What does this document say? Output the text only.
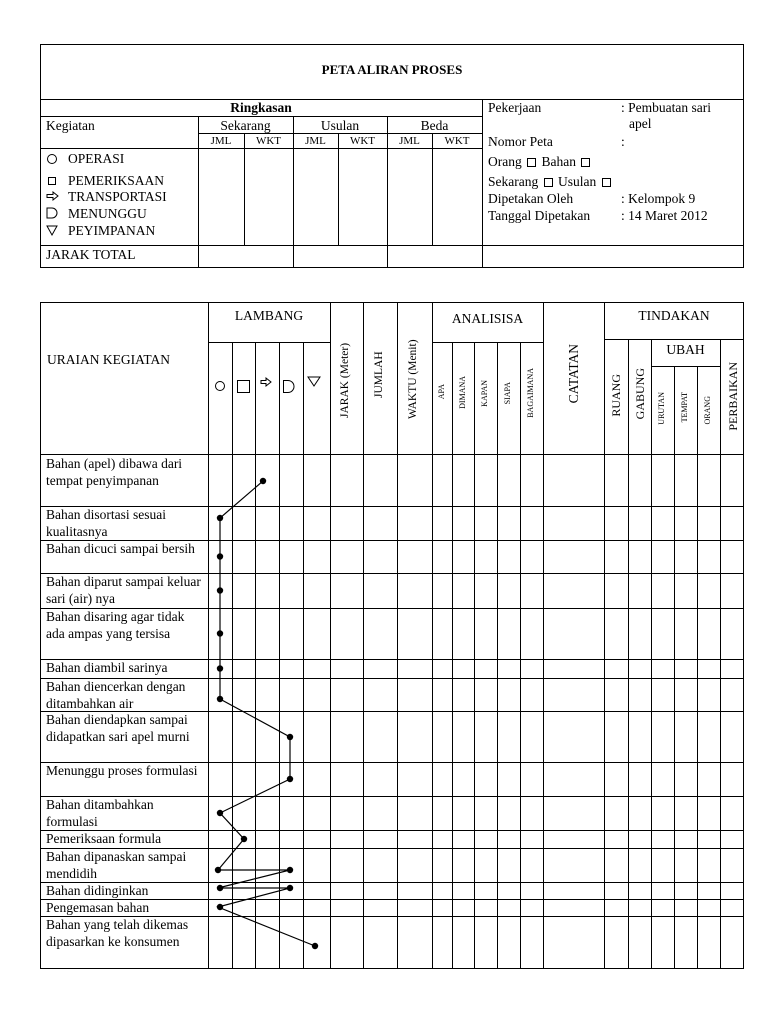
PETA ALIRAN PROSES
Ringkasan
Kegiatan	Sekarang	Usulan	Beda
JML	WKT	JML	WKT	JML	WKT
OPERASI
PEMERIKSAAN
TRANSPORTASI
MENUNGGU
PEYIMPANAN
JARAK TOTAL
Pekerjaan	: Pembuatan sari
apel
Nomor Peta	:
Orang Bahan
Sekarang Usulan
Dipetakan Oleh	: Kelompok 9
Tanggal Dipetakan : 14 Maret 2012
URAIAN KEGIATAN
LAMBANG
JARAK (Meter) JUMLAH WAKTU (Menit)
ANALISISA
APA DIMANA KAPAN SIAPA BAGAIMANA CATATAN
TINDAKAN
RUANG GABUNG
UBAH
URUTAN TEMPAT ORANG PERBAIKAN
Bahan (apel) dibawa dari tempat penyimpanan
Bahan disortasi sesuai kualitasnya
Bahan dicuci sampai bersih
Bahan diparut sampai keluar sari (air) nya
Bahan disaring agar tidak ada ampas yang tersisa
Bahan diambil sarinya
Bahan diencerkan dengan ditambahkan air
Bahan diendapkan sampai didapatkan sari apel murni
Menunggu proses formulasi
Bahan ditambahkan formulasi
Pemeriksaan formula
Bahan dipanaskan sampai mendidih
Bahan didinginkan
Pengemasan bahan
Bahan yang telah dikemas dipasarkan ke konsumen
